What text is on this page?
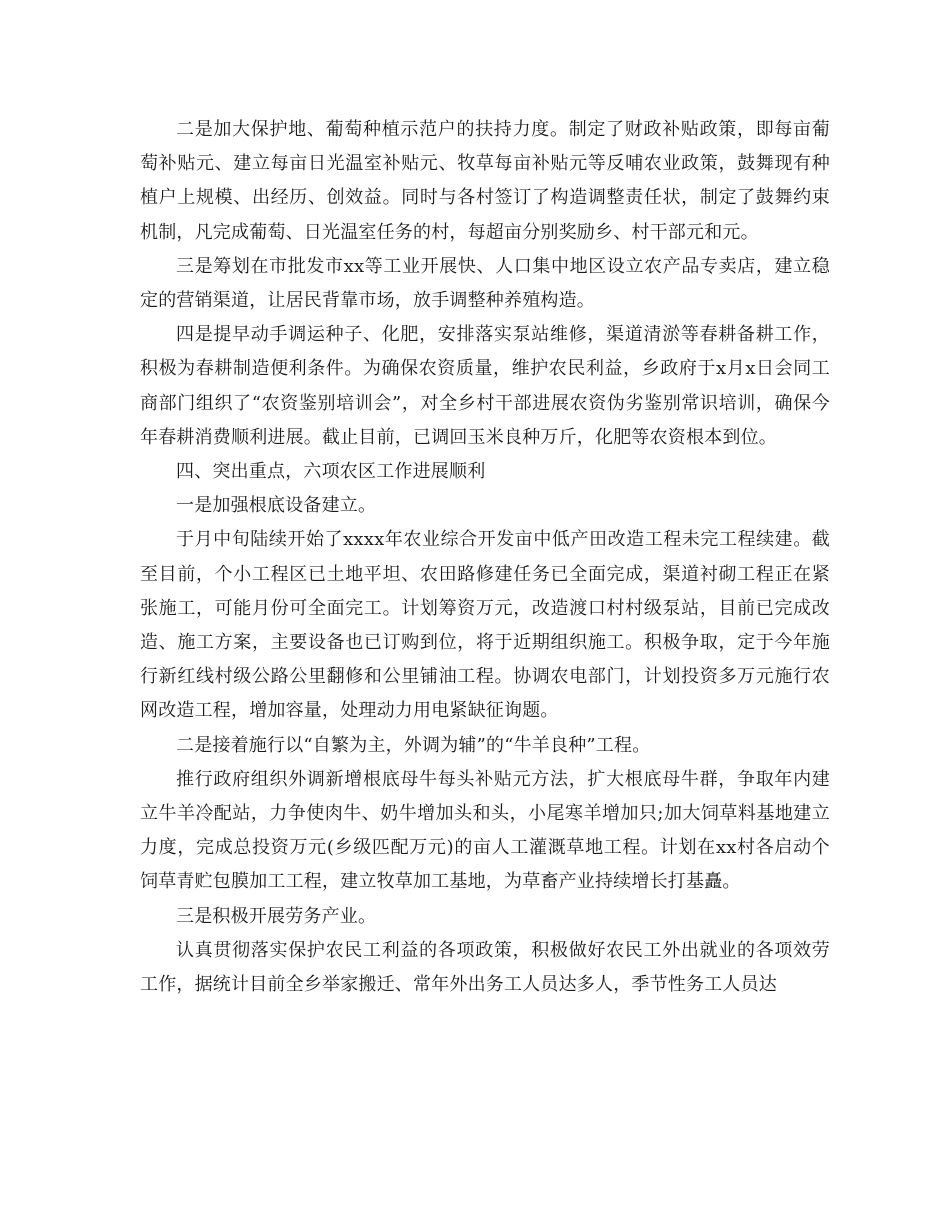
二是加大保护地、葡萄种植示范户的扶持力度。制定了财政补贴政策，即每亩葡萄补贴元、建立每亩日光温室补贴元、牧草每亩补贴元等反哺农业政策，鼓舞现有种植户上规模、出经历、创效益。同时与各村签订了构造调整责任状，制定了鼓舞约束机制，凡完成葡萄、日光温室任务的村，每超亩分别奖励乡、村干部元和元。

三是筹划在市批发市xx等工业开展快、人口集中地区设立农产品专卖店，建立稳定的营销渠道，让居民背靠市场，放手调整种养殖构造。

四是提早动手调运种子、化肥，安排落实泵站维修，渠道清淤等春耕备耕工作，积极为春耕制造便利条件。为确保农资质量，维护农民利益，乡政府于x月x日会同工商部门组织了“农资鉴别培训会”，对全乡村干部进展农资伪劣鉴别常识培训，确保今年春耕消费顺利进展。截止目前，已调回玉米良种万斤，化肥等农资根本到位。

四、突出重点，六项农区工作进展顺利

一是加强根底设备建立。

于月中旬陆续开始了xxxx年农业综合开发亩中低产田改造工程未完工程续建。截至目前，个小工程区已土地平坦、农田路修建任务已全面完成，渠道衬砌工程正在紧张施工，可能月份可全面完工。计划筹资万元，改造渡口村村级泵站，目前已完成改造、施工方案，主要设备也已订购到位，将于近期组织施工。积极争取，定于今年施行新红线村级公路公里翻修和公里铺油工程。协调农电部门，计划投资多万元施行农网改造工程，增加容量，处理动力用电紧缺征询题。

二是接着施行以“自繁为主，外调为辅”的“牛羊良种”工程。

推行政府组织外调新增根底母牛每头补贴元方法，扩大根底母牛群，争取年内建立牛羊冷配站，力争使肉牛、奶牛增加头和头，小尾寒羊增加只;加大饲草料基地建立力度，完成总投资万元(乡级匹配万元)的亩人工灌溉草地工程。计划在xx村各启动个饲草青贮包膜加工工程，建立牧草加工基地，为草畜产业持续增长打基矗。

三是积极开展劳务产业。

认真贯彻落实保护农民工利益的各项政策，积极做好农民工外出就业的各项效劳工作，据统计目前全乡举家搬迁、常年外出务工人员达多人，季节性务工人员达
